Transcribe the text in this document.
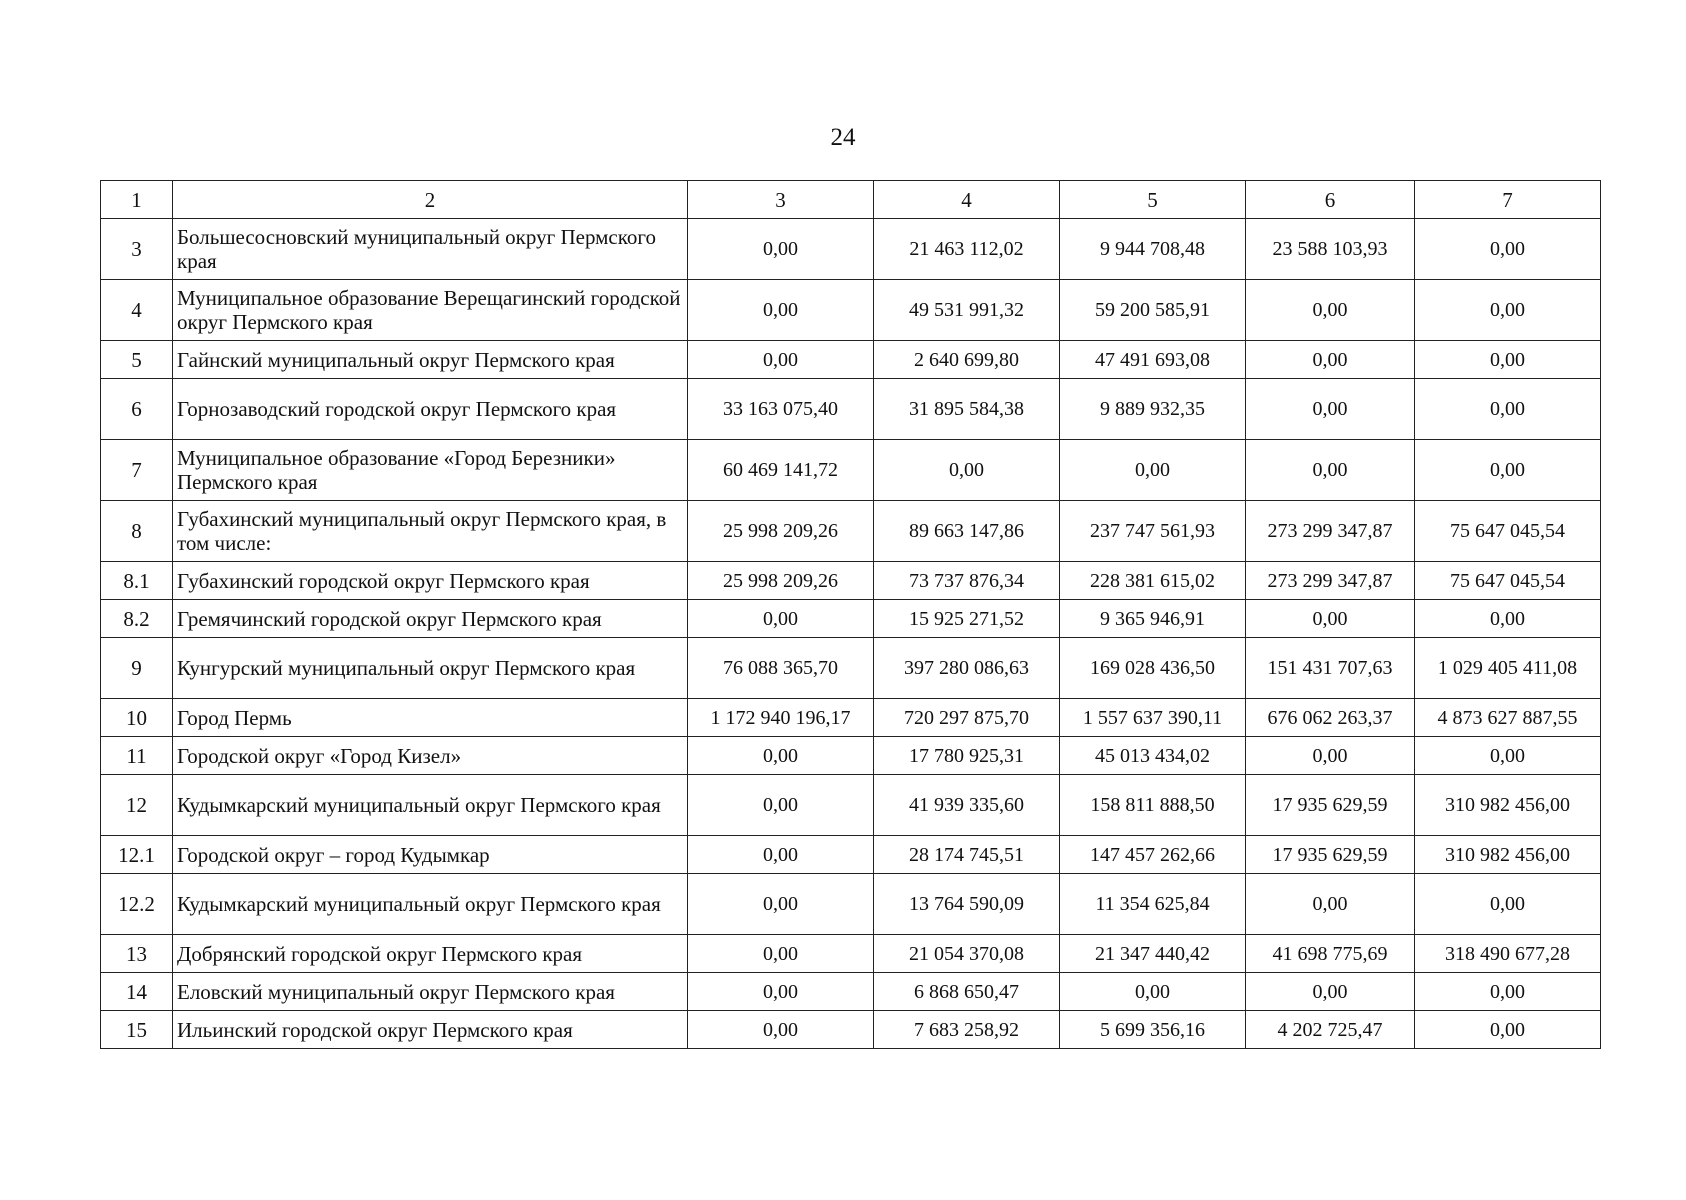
24
1	2	3	4	5	6	7
3	Большесосновский муниципальный округ Пермского края	0,00	21 463 112,02	9 944 708,48	23 588 103,93	0,00
4	Муниципальное образование Верещагинский городской округ Пермского края	0,00	49 531 991,32	59 200 585,91	0,00	0,00
5	Гайнский муниципальный округ Пермского края	0,00	2 640 699,80	47 491 693,08	0,00	0,00
6	Горнозаводский городской округ Пермского края	33 163 075,40	31 895 584,38	9 889 932,35	0,00	0,00
7	Муниципальное образование «Город Березники» Пермского края	60 469 141,72	0,00	0,00	0,00	0,00
8	Губахинский муниципальный округ Пермского края, в том числе:	25 998 209,26	89 663 147,86	237 747 561,93	273 299 347,87	75 647 045,54
8.1	Губахинский городской округ Пермского края	25 998 209,26	73 737 876,34	228 381 615,02	273 299 347,87	75 647 045,54
8.2	Гремячинский городской округ Пермского края	0,00	15 925 271,52	9 365 946,91	0,00	0,00
9	Кунгурский муниципальный округ Пермского края	76 088 365,70	397 280 086,63	169 028 436,50	151 431 707,63	1 029 405 411,08
10	Город Пермь	1 172 940 196,17	720 297 875,70	1 557 637 390,11	676 062 263,37	4 873 627 887,55
11	Городской округ «Город Кизел»	0,00	17 780 925,31	45 013 434,02	0,00	0,00
12	Кудымкарский муниципальный округ Пермского края	0,00	41 939 335,60	158 811 888,50	17 935 629,59	310 982 456,00
12.1	Городской округ – город Кудымкар	0,00	28 174 745,51	147 457 262,66	17 935 629,59	310 982 456,00
12.2	Кудымкарский муниципальный округ Пермского края	0,00	13 764 590,09	11 354 625,84	0,00	0,00
13	Добрянский городской округ Пермского края	0,00	21 054 370,08	21 347 440,42	41 698 775,69	318 490 677,28
14	Еловский муниципальный округ Пермского края	0,00	6 868 650,47	0,00	0,00	0,00
15	Ильинский городской округ Пермского края	0,00	7 683 258,92	5 699 356,16	4 202 725,47	0,00
